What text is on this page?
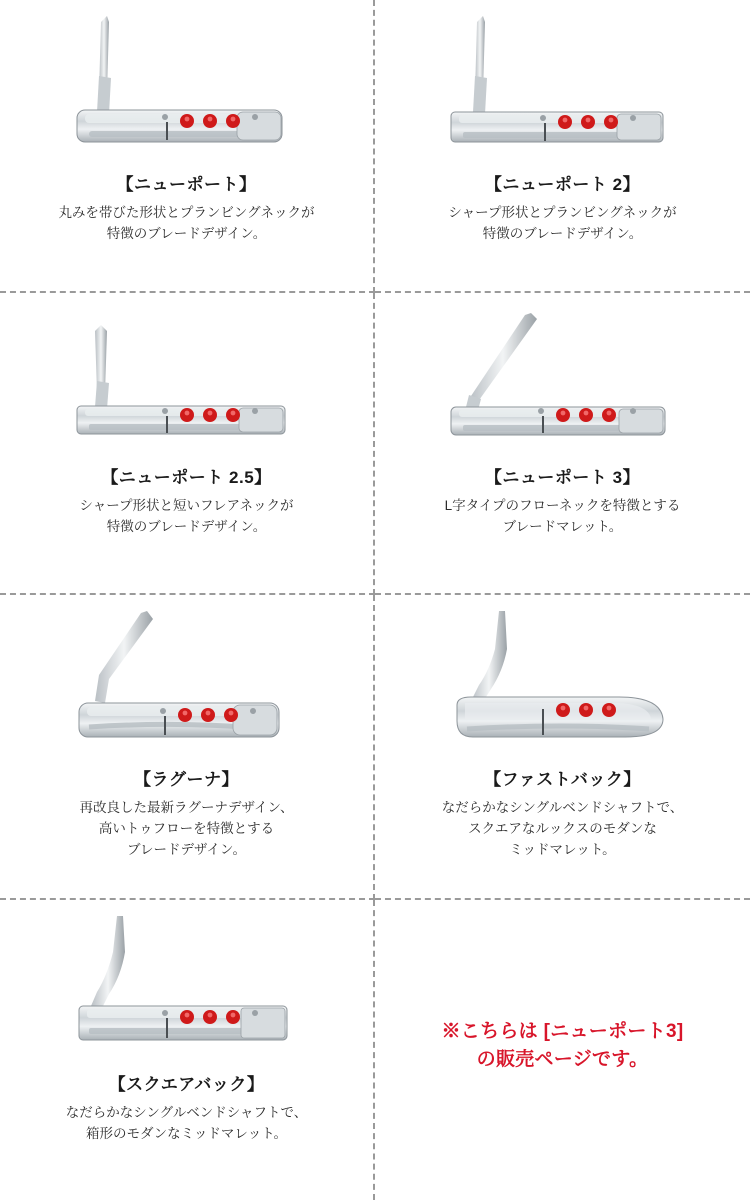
【ニューポート】
丸みを帯びた形状とプランビングネックが
特徴のブレードデザイン。
【ニューポート 2】
シャープ形状とプランビングネックが
特徴のブレードデザイン。
【ニューポート 2.5】
シャープ形状と短いフレアネックが
特徴のブレードデザイン。
【ニューポート 3】
L字タイプのフローネックを特徴とする
ブレードマレット。
【ラグーナ】
再改良した最新ラグーナデザイン、
高いトゥフローを特徴とする
ブレードデザイン。
【ファストバック】
なだらかなシングルベンドシャフトで、
スクエアなルックスのモダンな
ミッドマレット。
【スクエアバック】
なだらかなシングルベンドシャフトで、
箱形のモダンなミッドマレット。
※こちらは [ニューポート3]
の販売ページです。
